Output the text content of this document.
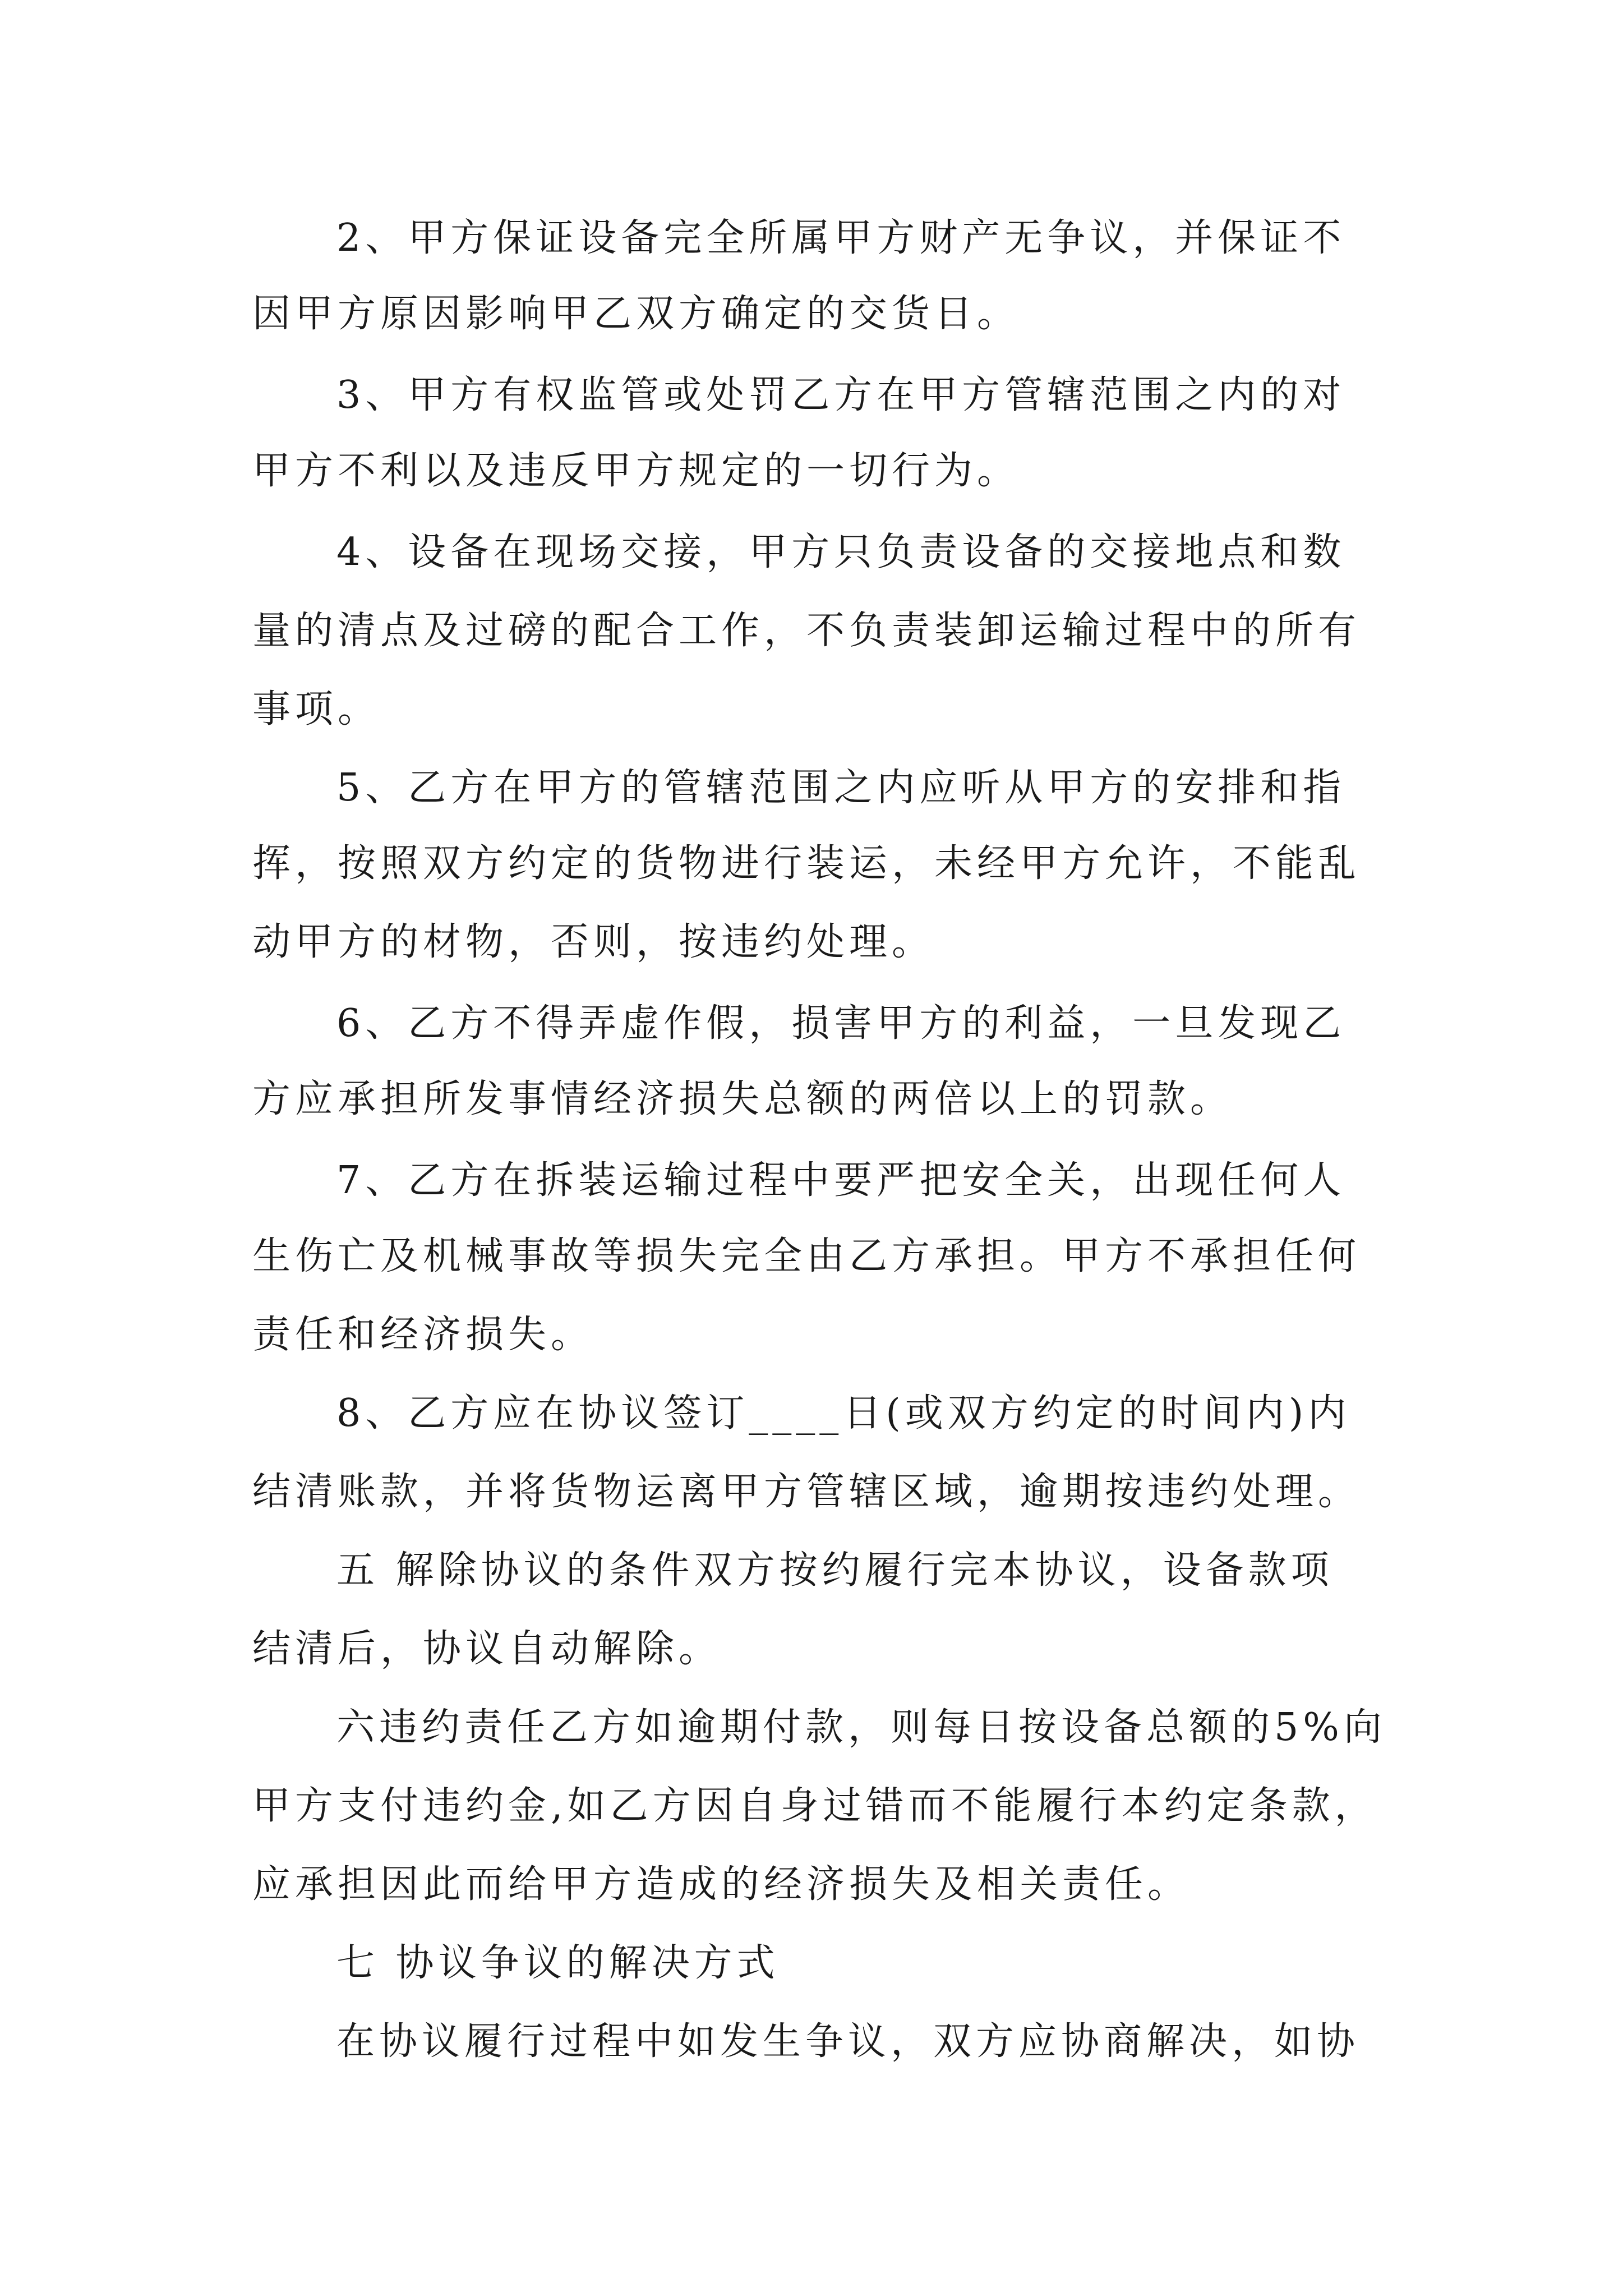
2、甲方保证设备完全所属甲方财产无争议，并保证不
因甲方原因影响甲乙双方确定的交货日。
3、甲方有权监管或处罚乙方在甲方管辖范围之内的对
甲方不利以及违反甲方规定的一切行为。
4、设备在现场交接，甲方只负责设备的交接地点和数
量的清点及过磅的配合工作，不负责装卸运输过程中的所有
事项。
5、乙方在甲方的管辖范围之内应听从甲方的安排和指
挥，按照双方约定的货物进行装运，未经甲方允许，不能乱
动甲方的材物，否则，按违约处理。
6、乙方不得弄虚作假，损害甲方的利益，一旦发现乙
方应承担所发事情经济损失总额的两倍以上的罚款。
7、乙方在拆装运输过程中要严把安全关，出现任何人
生伤亡及机械事故等损失完全由乙方承担。甲方不承担任何
责任和经济损失。
8、乙方应在协议签订____日(或双方约定的时间内)内
结清账款，并将货物运离甲方管辖区域，逾期按违约处理。
五 解除协议的条件双方按约履行完本协议，设备款项
结清后，协议自动解除。
六违约责任乙方如逾期付款，则每日按设备总额的5%向
甲方支付违约金,如乙方因自身过错而不能履行本约定条款，
应承担因此而给甲方造成的经济损失及相关责任。
七 协议争议的解决方式
在协议履行过程中如发生争议，双方应协商解决，如协
